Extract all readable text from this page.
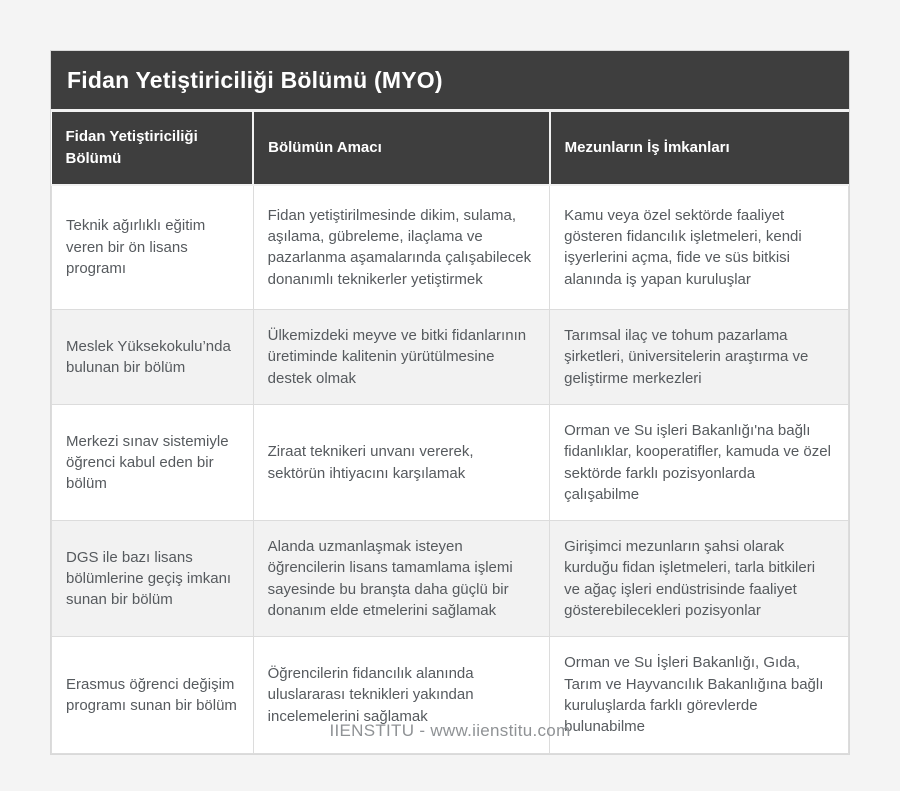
Fidan Yetiştiriciliği Bölümü (MYO)
Fidan Yetiştiriciliği Bölümü	Bölümün Amacı	Mezunların İş İmkanları
Teknik ağırlıklı eğitim veren bir ön lisans programı	Fidan yetiştirilmesinde dikim, sulama, aşılama, gübreleme, ilaçlama ve pazarlanma aşamalarında çalışabilecek donanımlı teknikerler yetiştirmek	Kamu veya özel sektörde faaliyet gösteren fidancılık işletmeleri, kendi işyerlerini açma, fide ve süs bitkisi alanında iş yapan kuruluşlar
Meslek Yüksekokulu’nda bulunan bir bölüm	Ülkemizdeki meyve ve bitki fidanlarının üretiminde kalitenin yürütülmesine destek olmak	Tarımsal ilaç ve tohum pazarlama şirketleri, üniversitelerin araştırma ve geliştirme merkezleri
Merkezi sınav sistemiyle öğrenci kabul eden bir bölüm	Ziraat teknikeri unvanı vererek, sektörün ihtiyacını karşılamak	Orman ve Su işleri Bakanlığı'na bağlı fidanlıklar, kooperatifler, kamuda ve özel sektörde farklı pozisyonlarda çalışabilme
DGS ile bazı lisans bölümlerine geçiş imkanı sunan bir bölüm	Alanda uzmanlaşmak isteyen öğrencilerin lisans tamamlama işlemi sayesinde bu branşta daha güçlü bir donanım elde etmelerini sağlamak	Girişimci mezunların şahsi olarak kurduğu fidan işletmeleri, tarla bitkileri ve ağaç işleri endüstrisinde faaliyet gösterebilecekleri pozisyonlar
Erasmus öğrenci değişim programı sunan bir bölüm	Öğrencilerin fidancılık alanında uluslararası teknikleri yakından incelemelerini sağlamak	Orman ve Su İşleri Bakanlığı, Gıda, Tarım ve Hayvancılık Bakanlığına bağlı kuruluşlarda farklı görevlerde bulunabilme
IIENSTITU - www.iienstitu.com
